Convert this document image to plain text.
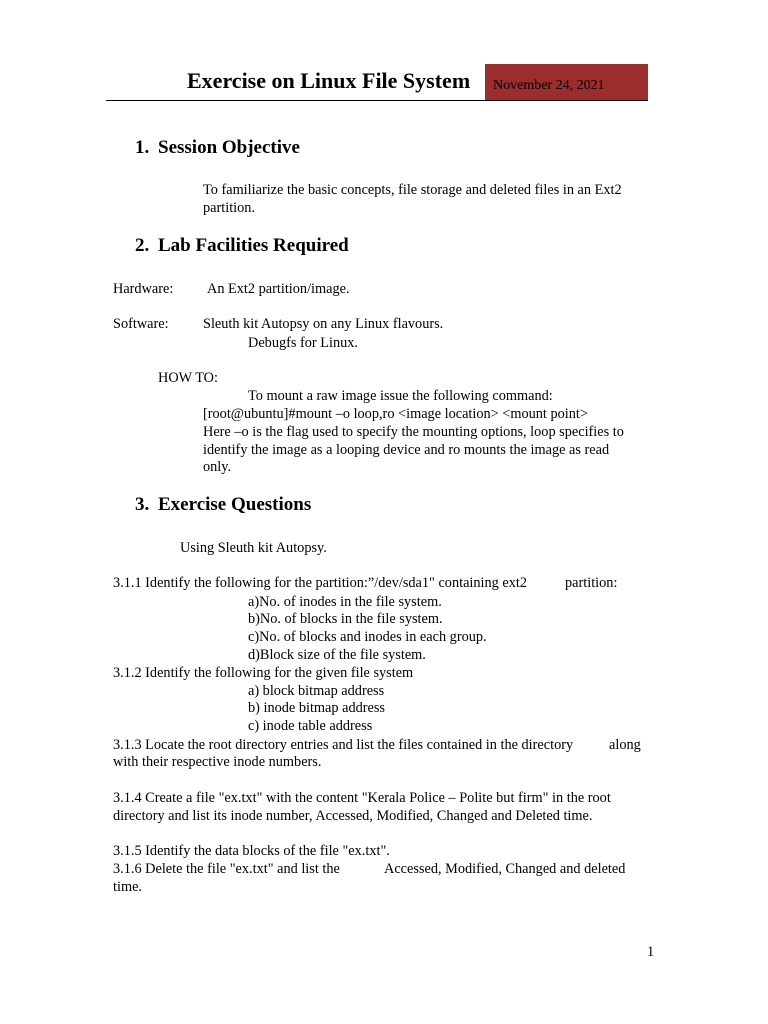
Exercise on Linux File System November 24, 2021
1. Session Objective
To familiarize the basic concepts, file storage and deleted files in an Ext2
partition.
2. Lab Facilities Required
Hardware: An Ext2 partition/image.
Software: Sleuth kit Autopsy on any Linux flavours.
Debugfs for Linux.
HOW TO:
To mount a raw image issue the following command:
[root@ubuntu]#mount –o loop,ro <image location> <mount point>
Here –o is the flag used to specify the mounting options, loop specifies to
identify the image as a looping device and ro mounts the image as read
only.
3. Exercise Questions
Using Sleuth kit Autopsy.
3.1.1 Identify the following for the partition:”/dev/sda1" containing ext2	partition:
a)No. of inodes in the file system.
b)No. of blocks in the file system.
c)No. of blocks and inodes in each group.
d)Block size of the file system.
3.1.2 Identify the following for the given file system
a) block bitmap address
b) inode bitmap address
c) inode table address
3.1.3 Locate the root directory entries and list the files contained in the directory	along
with their respective inode numbers.
3.1.4 Create a file "ex.txt" with the content "Kerala Police – Polite but firm" in the root
directory and list its inode number, Accessed, Modified, Changed and Deleted time.
3.1.5 Identify the data blocks of the file "ex.txt".
3.1.6 Delete the file "ex.txt" and list the	Accessed, Modified, Changed and deleted
time.
1
